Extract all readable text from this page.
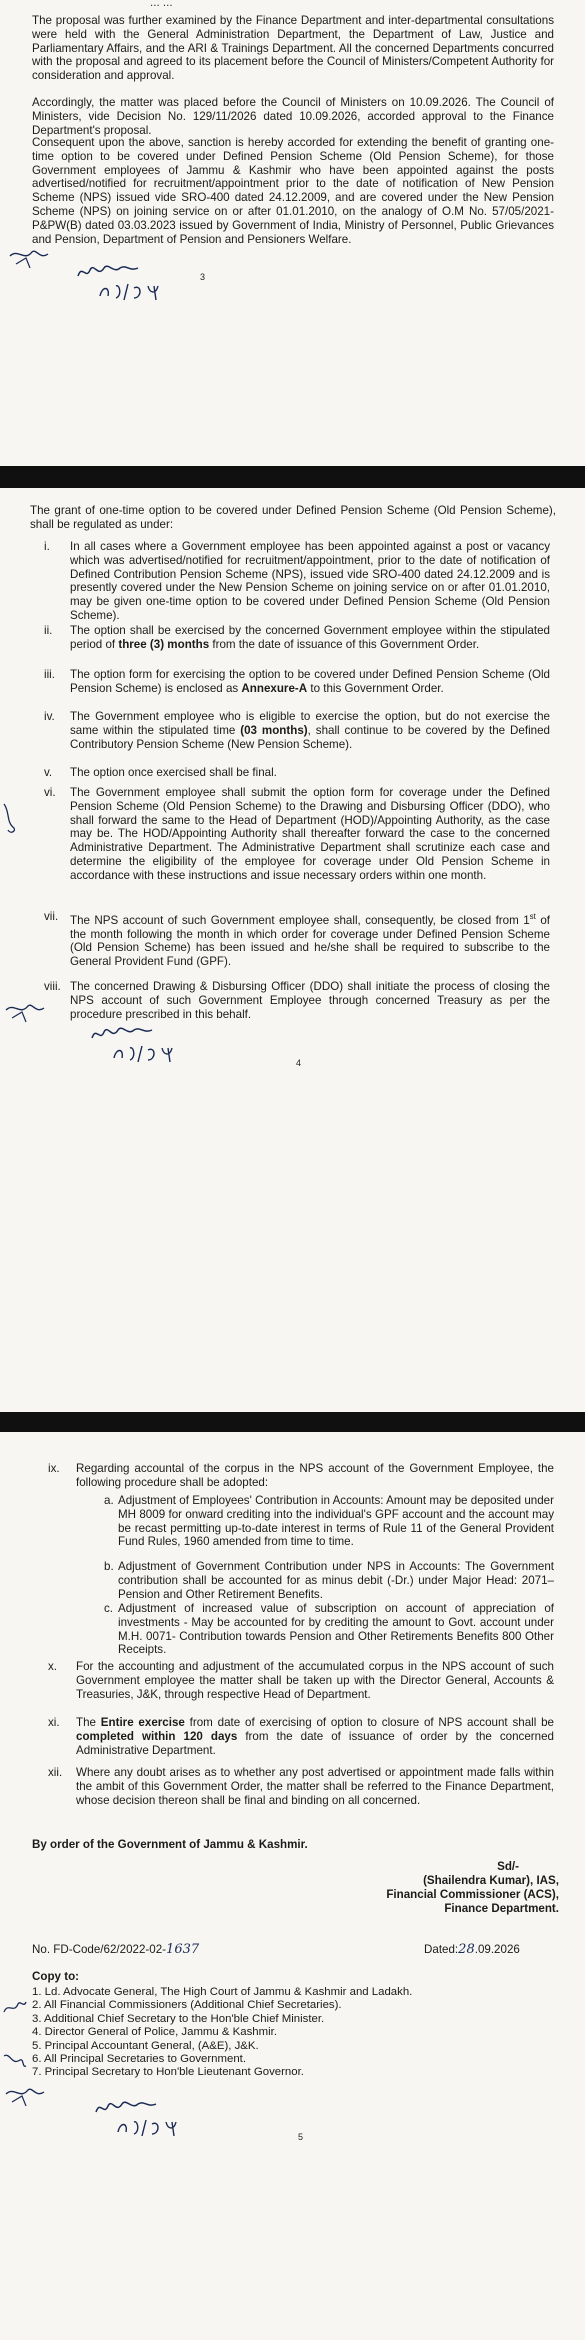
... ...

The proposal was further examined by the Finance Department and inter-departmental consultations were held with the General Administration Department, the Department of Law, Justice and Parliamentary Affairs, and the ARI & Trainings Department. All the concerned Departments concurred with the proposal and agreed to its placement before the Council of Ministers/Competent Authority for consideration and approval.

Accordingly, the matter was placed before the Council of Ministers on 10.09.2026. The Council of Ministers, vide Decision No. 129/11/2026 dated 10.09.2026, accorded approval to the Finance Department's proposal.

Consequent upon the above, sanction is hereby accorded for extending the benefit of granting one-time option to be covered under Defined Pension Scheme (Old Pension Scheme), for those Government employees of Jammu & Kashmir who have been appointed against the posts advertised/notified for recruitment/appointment prior to the date of notification of New Pension Scheme (NPS) issued vide SRO-400 dated 24.12.2009, and are covered under the New Pension Scheme (NPS) on joining service on or after 01.01.2010, on the analogy of O.M No. 57/05/2021-P&PW(B) dated 03.03.2023 issued by Government of India, Ministry of Personnel, Public Grievances and Pension, Department of Pension and Pensioners Welfare.

3

The grant of one-time option to be covered under Defined Pension Scheme (Old Pension Scheme), shall be regulated as under:

i. In all cases where a Government employee has been appointed against a post or vacancy which was advertised/notified for recruitment/appointment, prior to the date of notification of Defined Contribution Pension Scheme (NPS), issued vide SRO-400 dated 24.12.2009 and is presently covered under the New Pension Scheme on joining service on or after 01.01.2010, may be given one-time option to be covered under Defined Pension Scheme (Old Pension Scheme).

ii. The option shall be exercised by the concerned Government employee within the stipulated period of three (3) months from the date of issuance of this Government Order.

iii. The option form for exercising the option to be covered under Defined Pension Scheme (Old Pension Scheme) is enclosed as Annexure-A to this Government Order.

iv. The Government employee who is eligible to exercise the option, but do not exercise the same within the stipulated time (03 months), shall continue to be covered by the Defined Contributory Pension Scheme (New Pension Scheme).

v. The option once exercised shall be final.

vi. The Government employee shall submit the option form for coverage under the Defined Pension Scheme (Old Pension Scheme) to the Drawing and Disbursing Officer (DDO), who shall forward the same to the Head of Department (HOD)/Appointing Authority, as the case may be. The HOD/Appointing Authority shall thereafter forward the case to the concerned Administrative Department. The Administrative Department shall scrutinize each case and determine the eligibility of the employee for coverage under Old Pension Scheme in accordance with these instructions and issue necessary orders within one month.

vii. The NPS account of such Government employee shall, consequently, be closed from 1st of the month following the month in which order for coverage under Defined Pension Scheme (Old Pension Scheme) has been issued and he/she shall be required to subscribe to the General Provident Fund (GPF).

viii. The concerned Drawing & Disbursing Officer (DDO) shall initiate the process of closing the NPS account of such Government Employee through concerned Treasury as per the procedure prescribed in this behalf.

4
ix. Regarding accountal of the corpus in the NPS account of the Government Employee, the following procedure shall be adopted:

a. Adjustment of Employees' Contribution in Accounts: Amount may be deposited under MH 8009 for onward crediting into the individual's GPF account and the account may be recast permitting up-to-date interest in terms of Rule 11 of the General Provident Fund Rules, 1960 amended from time to time.

b. Adjustment of Government Contribution under NPS in Accounts: The Government contribution shall be accounted for as minus debit (-Dr.) under Major Head: 2071– Pension and Other Retirement Benefits.

c. Adjustment of increased value of subscription on account of appreciation of investments - May be accounted for by crediting the amount to Govt. account under M.H. 0071- Contribution towards Pension and Other Retirements Benefits 800 Other Receipts.

x. For the accounting and adjustment of the accumulated corpus in the NPS account of such Government employee the matter shall be taken up with the Director General, Accounts & Treasuries, J&K, through respective Head of Department.

xi. The Entire exercise from date of exercising of option to closure of NPS account shall be completed within 120 days from the date of issuance of order by the concerned Administrative Department.

xii. Where any doubt arises as to whether any post advertised or appointment made falls within the ambit of this Government Order, the matter shall be referred to the Finance Department, whose decision thereon shall be final and binding on all concerned.

By order of the Government of Jammu & Kashmir.
Sd/-
(Shailendra Kumar), IAS,
Financial Commissioner (ACS),
Finance Department.
No. FD-Code/62/2022-02-1637	Dated:28.09.2026
Copy to:
1. Ld. Advocate General, The High Court of Jammu & Kashmir and Ladakh.
2. All Financial Commissioners (Additional Chief Secretaries).
3. Additional Chief Secretary to the Hon'ble Chief Minister.
4. Director General of Police, Jammu & Kashmir.
5. Principal Accountant General, (A&E), J&K.
6. All Principal Secretaries to Government.
7. Principal Secretary to Hon'ble Lieutenant Governor.
5
